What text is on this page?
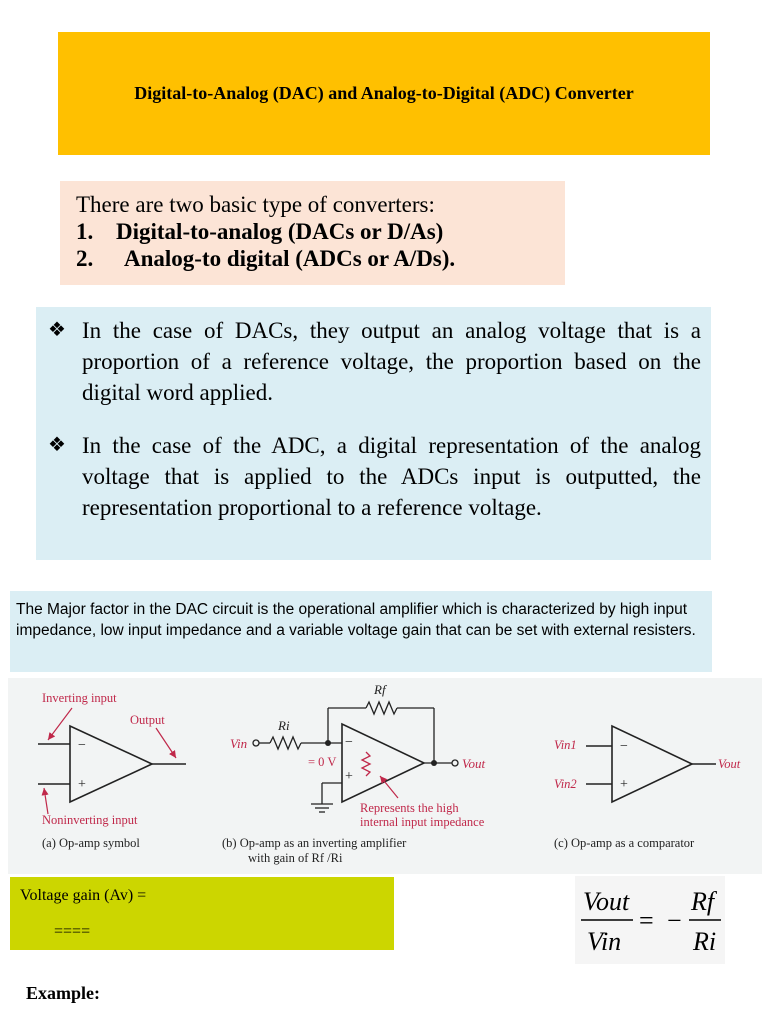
Digital-to-Analog (DAC) and Analog-to-Digital (ADC) Converter
There are two basic type of converters:
1. Digital-to-analog (DACs or D/As)
2.	Analog-to digital (ADCs or A/Ds).
❖ In the case of DACs, they output an analog voltage that is a proportion of a reference voltage, the proportion based on the digital word applied.
❖ In the case of the ADC, a digital representation of the analog voltage that is applied to the ADCs input is outputted, the representation proportional to a reference voltage.
The Major factor in the DAC circuit is the operational amplifier which is characterized by high input impedance, low input impedance and a variable voltage gain that can be set with external resisters.
−
+
Inverting input
Output
Noninverting input
(a) Op-amp symbol
−
+
Rf
Ri
Vin
Vout
= 0 V
Represents the high
internal input impedance
(b) Op-amp as an inverting amplifier
with gain of Rf /Ri
−
+
Vin1
Vin2
Vout
(c) Op-amp as a comparator
Voltage gain (Av) =
====
Vout
Vin
= −
Rf
Ri
Example:
